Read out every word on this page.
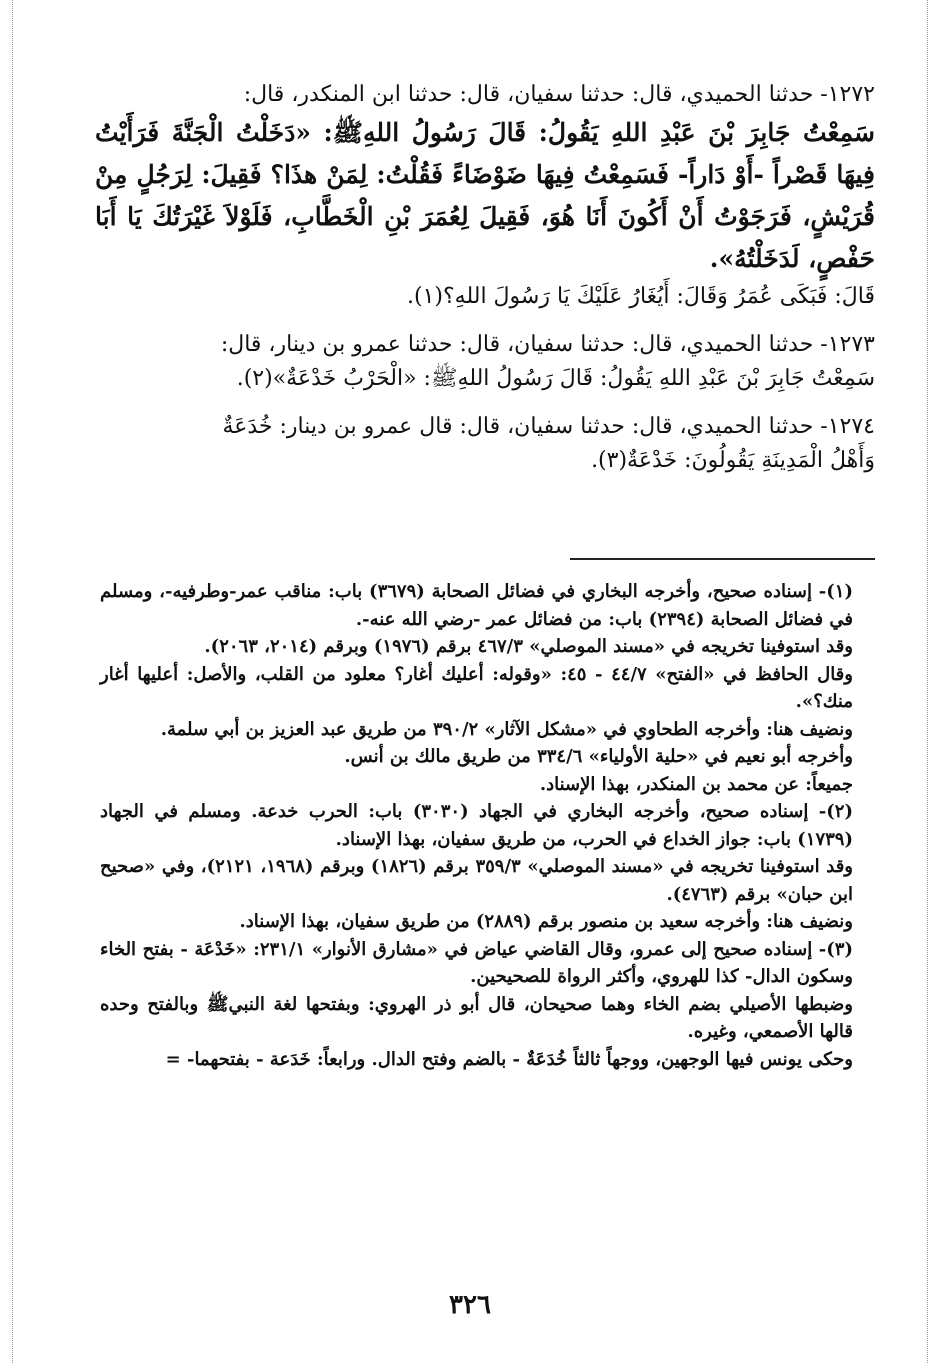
١٢٧٢- حدثنا الحميدي، قال: حدثنا سفيان، قال: حدثنا ابن المنكدر، قال:

سَمِعْتُ جَابِرَ بْنَ عَبْدِ اللهِ يَقُولُ: قَالَ رَسُولُ اللهِﷺ: «دَخَلْتُ الْجَنَّةَ فَرَأَيْتُ فِيهَا قَصْراً -أَوْ دَاراً- فَسَمِعْتُ فِيهَا ضَوْضَاءً فَقُلْتُ: لِمَنْ هذَا؟ فَقِيلَ: لِرَجُلٍ مِنْ قُرَيْشٍ، فَرَجَوْتُ أَنْ أَكُونَ أَنَا هُوَ، فَقِيلَ لِعُمَرَ بْنِ الْخَطَّابِ، فَلَوْلاَ غَيْرَتُكَ يَا أَبَا حَفْصٍ، لَدَخَلْتُهُ».

قَالَ: فَبَكَى عُمَرُ وَقَالَ: أَيُغَارُ عَلَيْكَ يَا رَسُولَ اللهِ؟(١).

١٢٧٣- حدثنا الحميدي، قال: حدثنا سفيان، قال: حدثنا عمرو بن دينار، قال:

سَمِعْتُ جَابِرَ بْنَ عَبْدِ اللهِ يَقُولُ: قَالَ رَسُولُ اللهِﷺ: «الْحَرْبُ خَدْعَةٌ»(٢).

١٢٧٤- حدثنا الحميدي، قال: حدثنا سفيان، قال: قال عمرو بن دينار: خُدَعَةٌ

وَأَهْلُ الْمَدِينَةِ يَقُولُونَ: خَدْعَةٌ(٣).

(١)- إسناده صحيح، وأخرجه البخاري في فضائل الصحابة (٣٦٧٩) باب: مناقب عمر-وطرفيه-، ومسلم في فضائل الصحابة (٢٣٩٤) باب: من فضائل عمر -رضي الله عنه-.

وقد استوفينا تخريجه في «مسند الموصلي» ٤٦٧/٣ برقم (١٩٧٦) وبرقم (٢٠١٤، ٢٠٦٣).

وقال الحافظ في «الفتح» ٤٤/٧ - ٤٥: «وقوله: أعليك أغار؟ معلود من القلب، والأصل: أعليها أغار منك؟».

ونضيف هنا: وأخرجه الطحاوي في «مشكل الآثار» ٣٩٠/٢ من طريق عبد العزيز بن أبي سلمة.

وأخرجه أبو نعيم في «حلية الأولياء» ٣٣٤/٦ من طريق مالك بن أنس.

جميعاً: عن محمد بن المنكدر، بهذا الإسناد.

(٢)- إسناده صحيح، وأخرجه البخاري في الجهاد (٣٠٣٠) باب: الحرب خدعة. ومسلم في الجهاد (١٧٣٩) باب: جواز الخداع في الحرب، من طريق سفيان، بهذا الإسناد.

وقد استوفينا تخريجه في «مسند الموصلي» ٣٥٩/٣ برقم (١٨٢٦) وبرقم (١٩٦٨، ٢١٢١)، وفي «صحيح ابن حبان» برقم (٤٧٦٣).

ونضيف هنا: وأخرجه سعيد بن منصور برقم (٢٨٨٩) من طريق سفيان، بهذا الإسناد.

(٣)- إسناده صحيح إلى عمرو، وقال القاضي عياض في «مشارق الأنوار» ٢٣١/١: «خَدْعَة - بفتح الخاء وسكون الدال- كذا للهروي، وأكثر الرواة للصحيحين.

وضبطها الأصيلي بضم الخاء وهما صحيحان، قال أبو ذر الهروي: وبفتحها لغة النبيﷺ وبالفتح وحده قالها الأصمعي، وغيره.

وحكى يونس فيها الوجهين، ووجهاً ثالثاً خُدَعَةٌ - بالضم وفتح الدال. ورابعاً: خَدَعة - بفتحهما- =

٣٢٦
